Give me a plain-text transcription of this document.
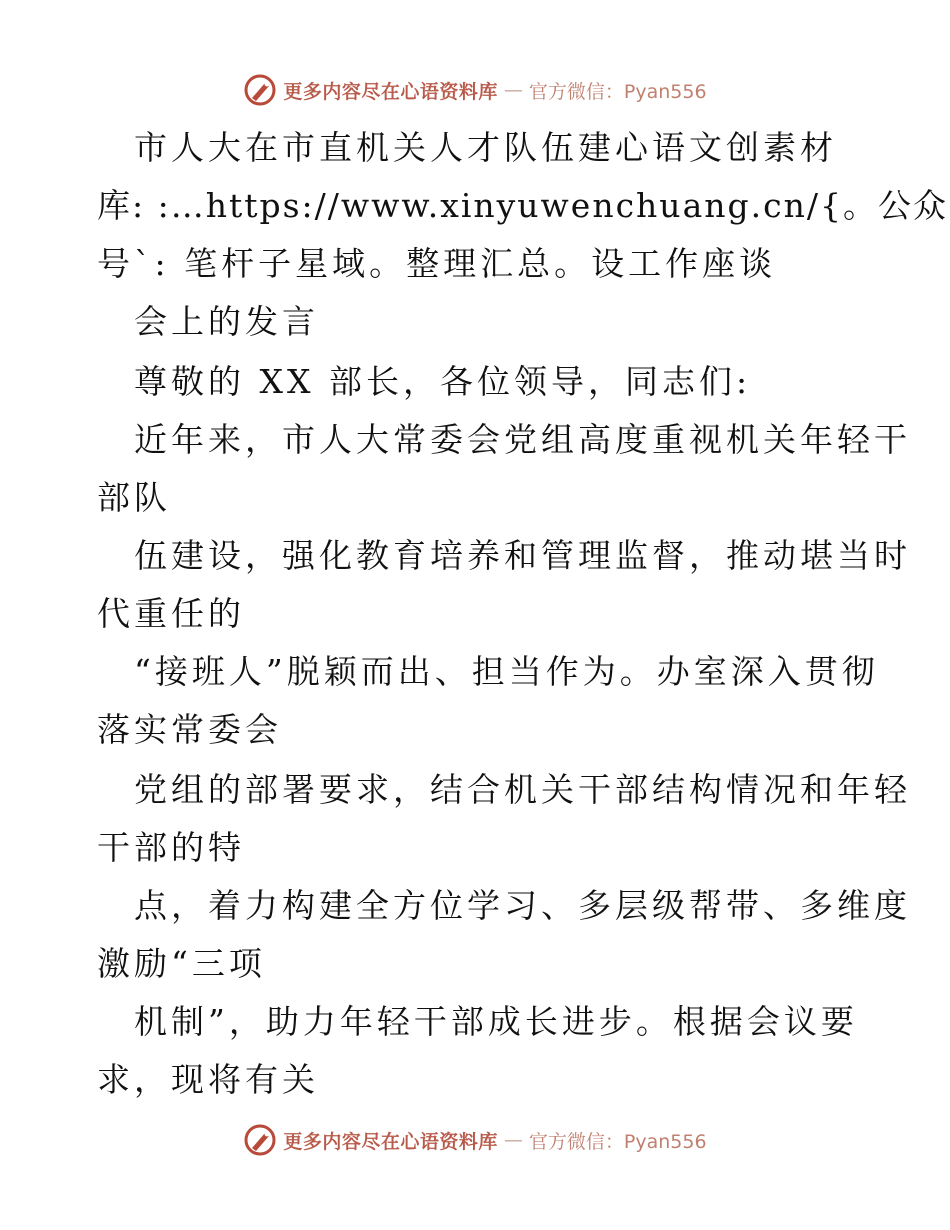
更多内容尽在心语资料库 — 官方微信：Pyan556
市人大在市直机关人才队伍建心语文创素材
库: :…https://www.xinyuwenchuang.cn/{。公众
号`: 笔杆子星域。整理汇总。设工作座谈
会上的发言
尊敬的 XX 部长，各位领导，同志们:
近年来，市人大常委会党组高度重视机关年轻干
部队
伍建设，强化教育培养和管理监督，推动堪当时
代重任的
“接班人”脱颖而出、担当作为。办室深入贯彻
落实常委会
党组的部署要求，结合机关干部结构情况和年轻
干部的特
点，着力构建全方位学习、多层级帮带、多维度
激励“三项
机制”，助力年轻干部成长进步。根据会议要
求，现将有关
更多内容尽在心语资料库 — 官方微信：Pyan556
